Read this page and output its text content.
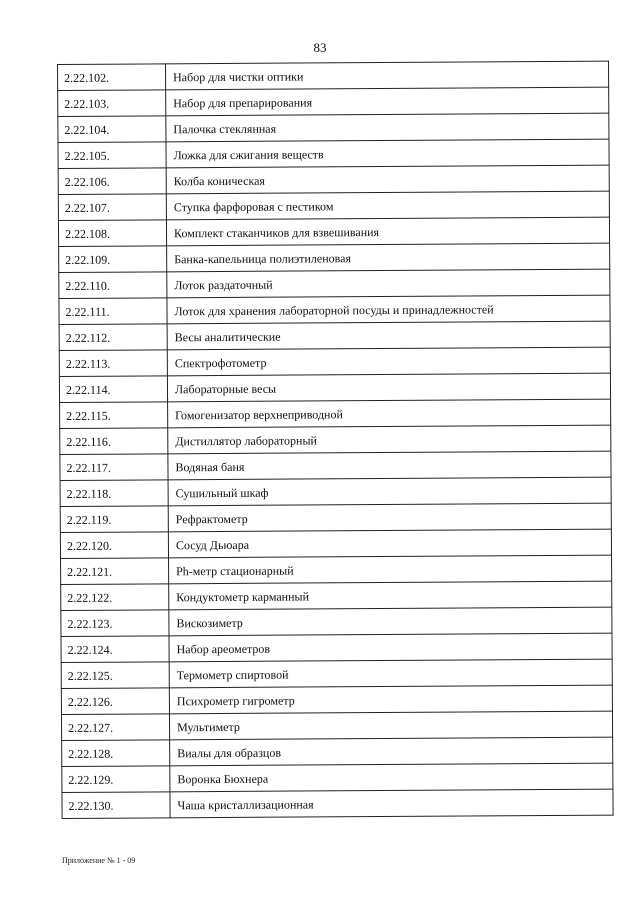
83
2.22.102.	Набор для чистки оптики
2.22.103.	Набор для препарирования
2.22.104.	Палочка стеклянная
2.22.105.	Ложка для сжигания веществ
2.22.106.	Колба коническая
2.22.107.	Ступка фарфоровая с пестиком
2.22.108.	Комплект стаканчиков для взвешивания
2.22.109.	Банка-капельница полиэтиленовая
2.22.110.	Лоток раздаточный
2.22.111.	Лоток для хранения лабораторной посуды и принадлежностей
2.22.112.	Весы аналитические
2.22.113.	Спектрофотометр
2.22.114.	Лабораторные весы
2.22.115.	Гомогенизатор верхнеприводной
2.22.116.	Дистиллятор лабораторный
2.22.117.	Водяная баня
2.22.118.	Сушильный шкаф
2.22.119.	Рефрактометр
2.22.120.	Сосуд Дьюара
2.22.121.	Ph-метр стационарный
2.22.122.	Кондуктометр карманный
2.22.123.	Вискозиметр
2.22.124.	Набор ареометров
2.22.125.	Термометр спиртовой
2.22.126.	Психрометр гигрометр
2.22.127.	Мультиметр
2.22.128.	Виалы для образцов
2.22.129.	Воронка Бюхнера
2.22.130.	Чаша кристаллизационная
Приложение № 1 - 09
